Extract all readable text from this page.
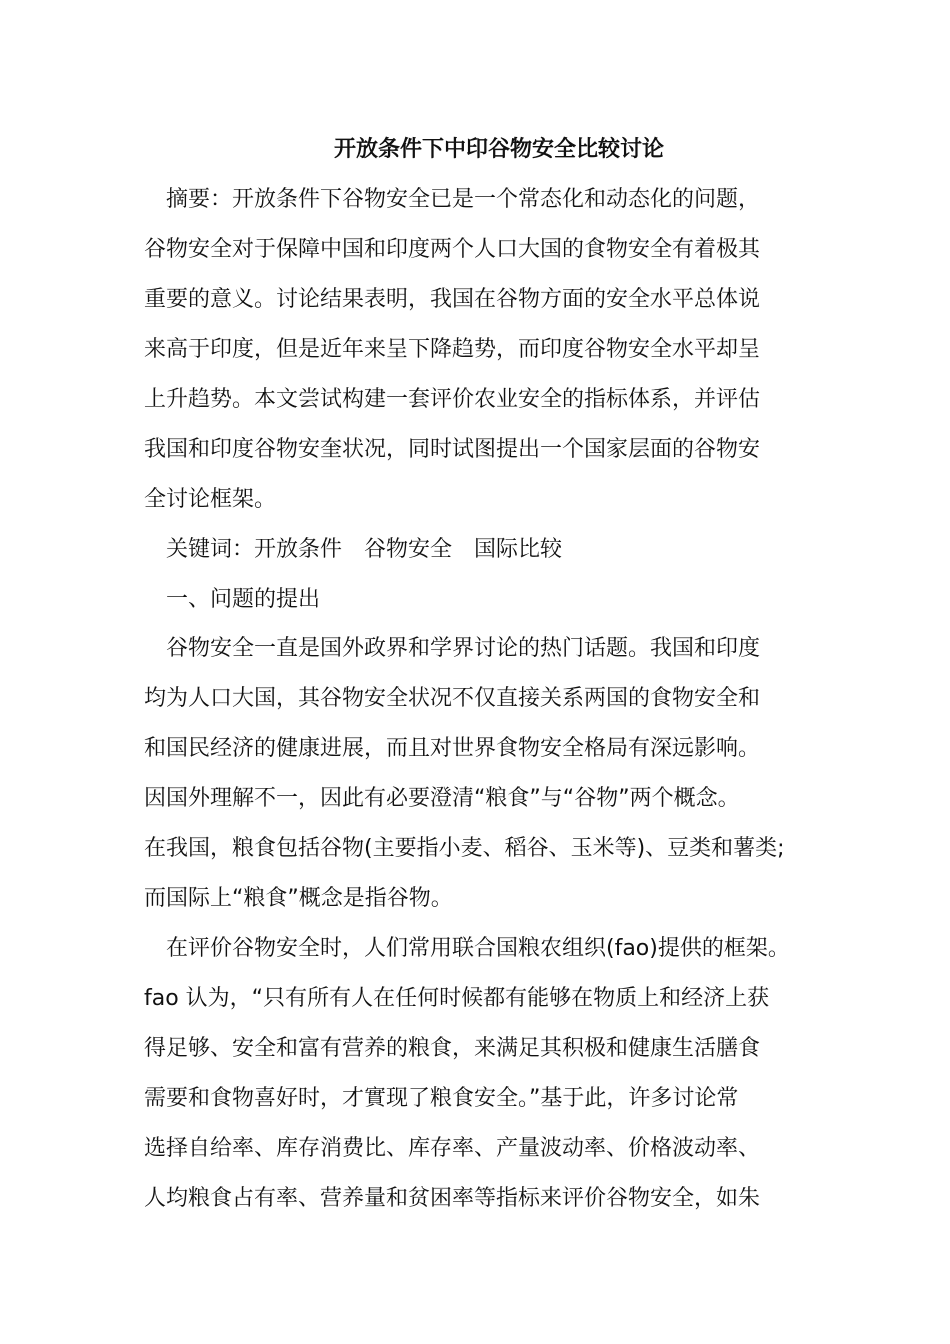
开放条件下中印谷物安全比较讨论

摘要：开放条件下谷物安全已是一个常态化和动态化的问题，

谷物安全对于保障中国和印度两个人口大国的食物安全有着极其

重要的意义。讨论结果表明，我国在谷物方面的安全水平总体说

来高于印度，但是近年来呈下降趋势，而印度谷物安全水平却呈

上升趋势。本文尝试构建一套评价农业安全的指标体系，并评估

我国和印度谷物安奎状况，同时试图提出一个国家层面的谷物安

全讨论框架。

关键词：开放条件　谷物安全　国际比较

一、问题的提出

谷物安全一直是国外政界和学界讨论的热门话题。我国和印度

均为人口大国，其谷物安全状况不仅直接关系两国的食物安全和

和国民经济的健康进展，而且对世界食物安全格局有深远影响。

因国外理解不一，因此有必要澄清“粮食”与“谷物”两个概念。

在我国，粮食包括谷物(主要指小麦、稻谷、玉米等)、豆类和薯类;

而国际上“粮食”概念是指谷物。

在评价谷物安全时，人们常用联合国粮农组织(fao)提供的框架。

fao 认为，“只有所有人在任何时候都有能够在物质上和经济上获

得足够、安全和富有营养的粮食，来满足其积极和健康生活膳食

需要和食物喜好时，才實现了粮食安全。”基于此，许多讨论常

选择自给率、库存消费比、库存率、产量波动率、价格波动率、

人均粮食占有率、营养量和贫困率等指标来评价谷物安全，如朱
